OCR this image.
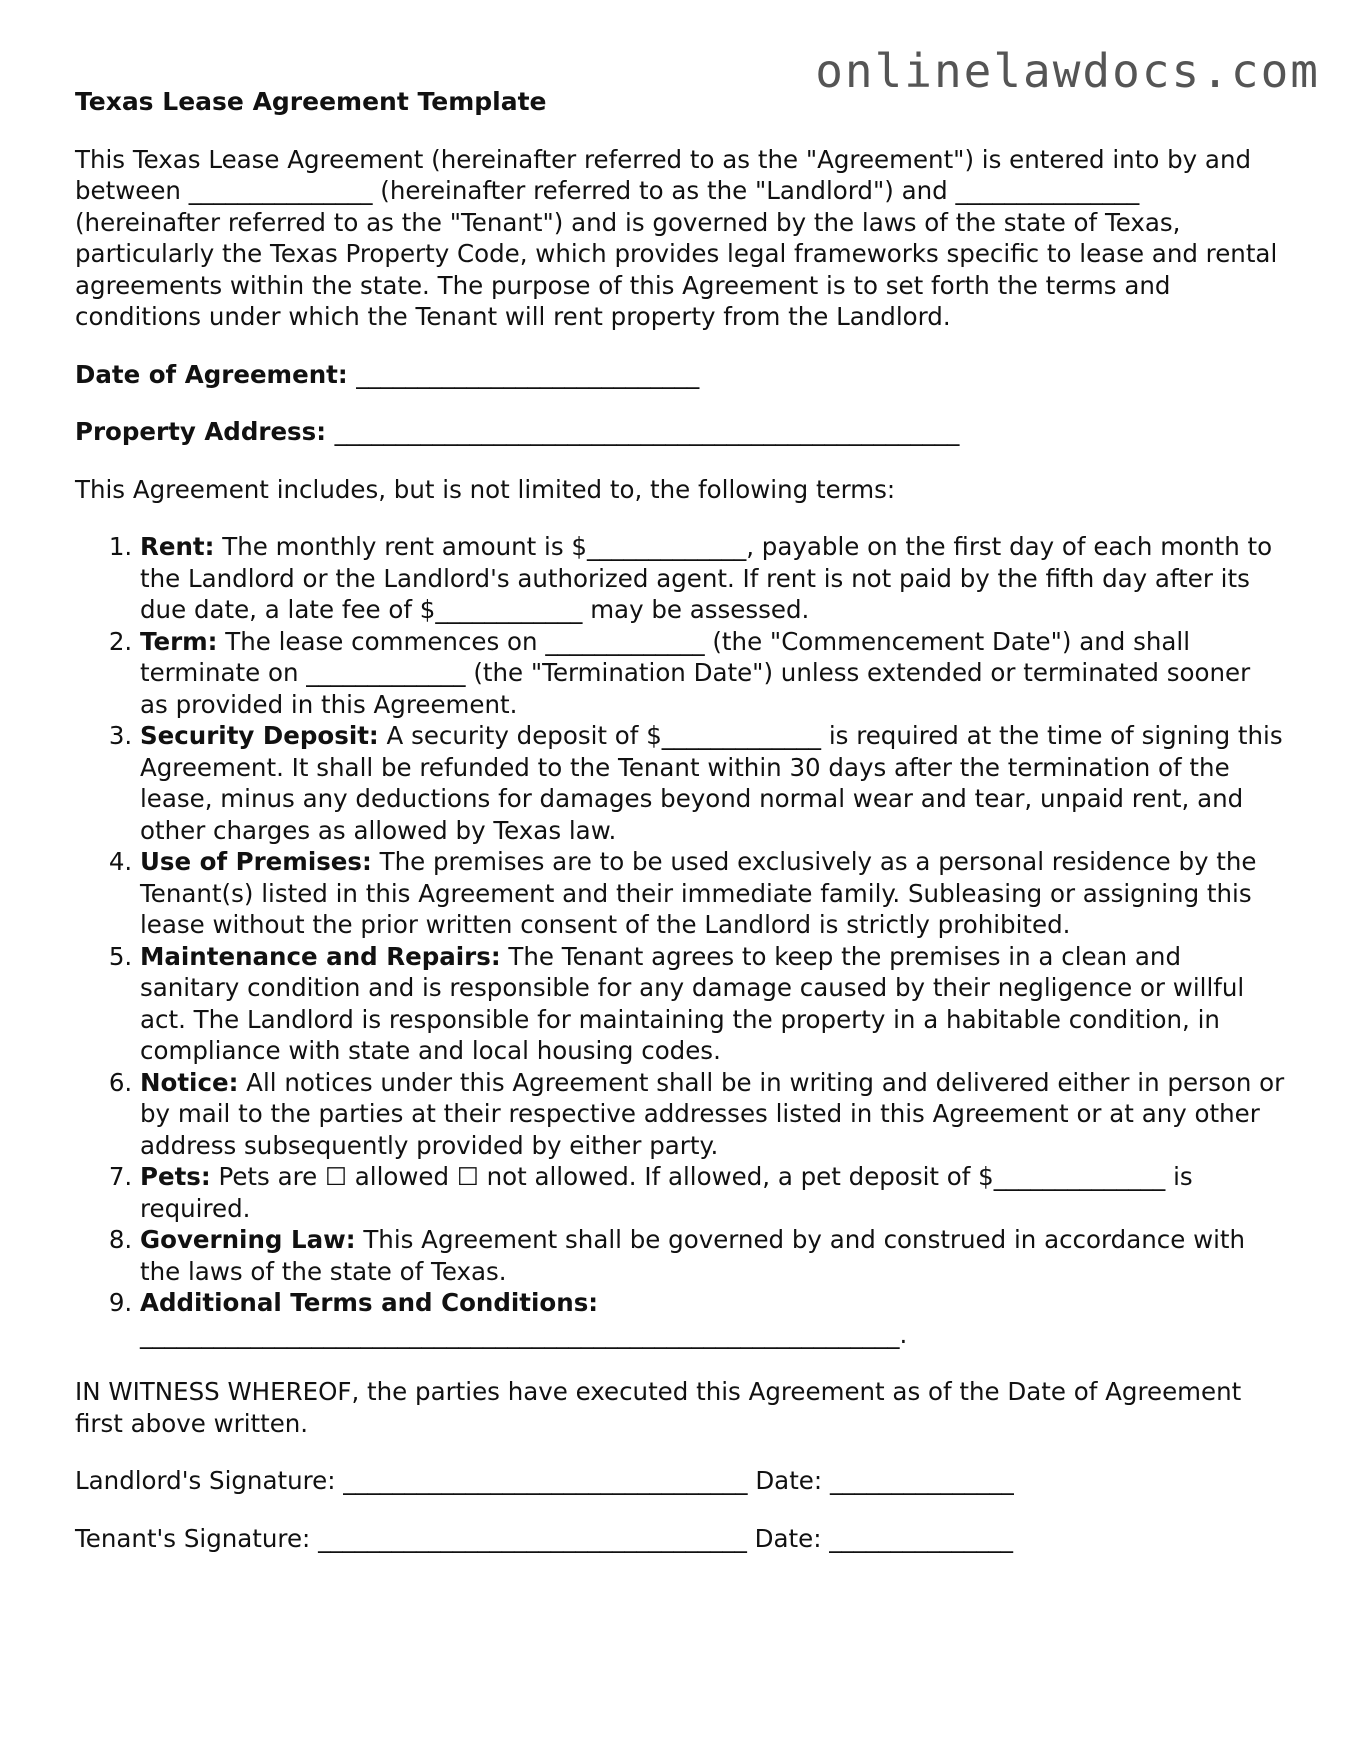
onlinelawdocs.com
Texas Lease Agreement Template

This Texas Lease Agreement (hereinafter referred to as the "Agreement") is entered into by and between _______________ (hereinafter referred to as the "Landlord") and _______________ (hereinafter referred to as the "Tenant") and is governed by the laws of the state of Texas, particularly the Texas Property Code, which provides legal frameworks specific to lease and rental agreements within the state. The purpose of this Agreement is to set forth the terms and conditions under which the Tenant will rent property from the Landlord.

Date of Agreement: ____________________________
Property Address: ___________________________________________________

This Agreement includes, but is not limited to, the following terms:

1. Rent: The monthly rent amount is $_____________, payable on the first day of each month to the Landlord or the Landlord's authorized agent. If rent is not paid by the fifth day after its due date, a late fee of $____________ may be assessed.
2. Term: The lease commences on _____________ (the "Commencement Date") and shall terminate on _____________ (the "Termination Date") unless extended or terminated sooner as provided in this Agreement.
3. Security Deposit: A security deposit of $_____________ is required at the time of signing this Agreement. It shall be refunded to the Tenant within 30 days after the termination of the lease, minus any deductions for damages beyond normal wear and tear, unpaid rent, and other charges as allowed by Texas law.
4. Use of Premises: The premises are to be used exclusively as a personal residence by the Tenant(s) listed in this Agreement and their immediate family. Subleasing or assigning this lease without the prior written consent of the Landlord is strictly prohibited.
5. Maintenance and Repairs: The Tenant agrees to keep the premises in a clean and sanitary condition and is responsible for any damage caused by their negligence or willful act. The Landlord is responsible for maintaining the property in a habitable condition, in compliance with state and local housing codes.
6. Notice: All notices under this Agreement shall be in writing and delivered either in person or by mail to the parties at their respective addresses listed in this Agreement or at any other address subsequently provided by either party.
7. Pets: Pets are ☐ allowed ☐ not allowed. If allowed, a pet deposit of $______________ is required.
8. Governing Law: This Agreement shall be governed by and construed in accordance with the laws of the state of Texas.
9. Additional Terms and Conditions:
______________________________________________________________.

IN WITNESS WHEREOF, the parties have executed this Agreement as of the Date of Agreement first above written.

Landlord's Signature: _________________________________ Date: _______________
Tenant's Signature: ___________________________________ Date: _______________
